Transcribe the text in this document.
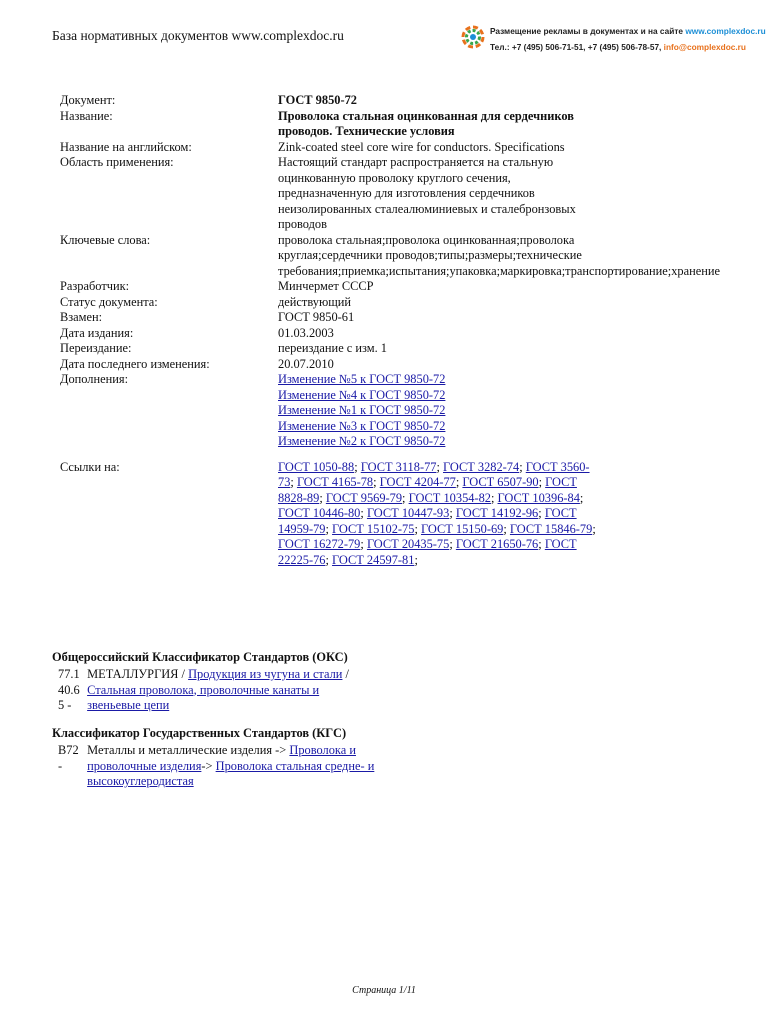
База нормативных документов www.complexdoc.ru	Размещение рекламы в документах и на сайте www.complexdoc.ru
Тел.: +7 (495) 506-71-51, +7 (495) 506-78-57, info@complexdoc.ru
Документ:	ГОСТ 9850-72
Название:	Проволока стальная оцинкованная для сердечников проводов. Технические условия
Название на английском:	Zink-coated steel core wire for conductors. Specifications
Область применения:	Настоящий стандарт распространяется на стальную оцинкованную проволоку круглого сечения, предназначенную для изготовления сердечников неизолированных сталеалюминиевых и сталебронзовых проводов
Ключевые слова:	проволока стальная;проволока оцинкованная;проволока круглая;сердечники проводов;типы;размеры;технические требования;приемка;испытания;упаковка;маркировка;транспортирование;хранение
Разработчик:	Минчермет СССР
Статус документа:	действующий
Взамен:	ГОСТ 9850-61
Дата издания:	01.03.2003
Переиздание:	переиздание с изм. 1
Дата последнего изменения:	20.07.2010
Дополнения:	Изменение №5 к ГОСТ 9850-72
Изменение №4 к ГОСТ 9850-72
Изменение №1 к ГОСТ 9850-72
Изменение №3 к ГОСТ 9850-72
Изменение №2 к ГОСТ 9850-72
Ссылки на:	ГОСТ 1050-88; ГОСТ 3118-77; ГОСТ 3282-74; ГОСТ 3560-73; ГОСТ 4165-78; ГОСТ 4204-77; ГОСТ 6507-90; ГОСТ 8828-89; ГОСТ 9569-79; ГОСТ 10354-82; ГОСТ 10396-84; ГОСТ 10446-80; ГОСТ 10447-93; ГОСТ 14192-96; ГОСТ 14959-79; ГОСТ 15102-75; ГОСТ 15150-69; ГОСТ 15846-79; ГОСТ 16272-79; ГОСТ 20435-75; ГОСТ 21650-76; ГОСТ 22225-76; ГОСТ 24597-81;
Общероссийский Классификатор Стандартов (ОКС)
77.1 МЕТАЛЛУРГИЯ / Продукция из чугуна и стали /
40.6 Стальная проволока, проволочные канаты и
5 - звеньевые цепи
Классификатор Государственных Стандартов (КГС)
В72 Металлы и металлические изделия -> Проволока и
- проволочные изделия-> Проволока стальная средне- и
высокоуглеродистая
Страница 1/11
